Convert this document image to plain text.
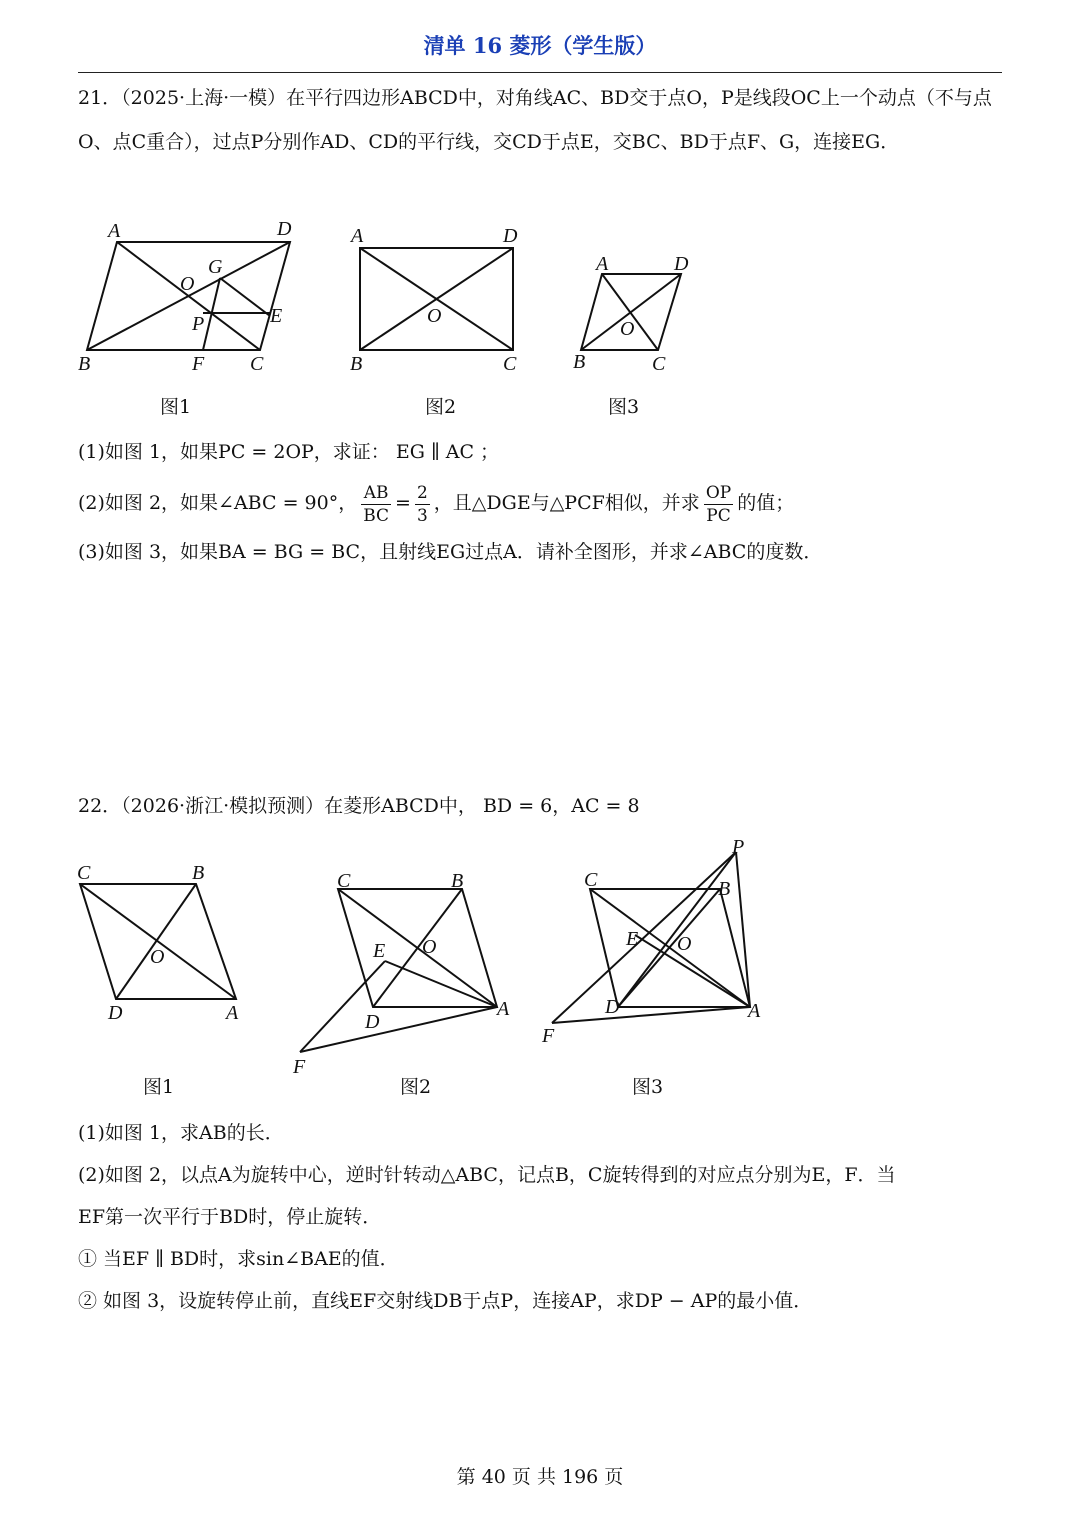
清单 16 菱形（学生版）
21．（2025·上海·一模）在平行四边形ABCD中，对角线AC、BD交于点O，P是线段OC上一个动点（不与点O、点C重合），过点P分别作AD、CD的平行线，交CD于点E，交BC、BD于点F、G，连接EG．
A	D
G
O
E
P
B	F C
A	D
O
B	C
A	D
O
B	C
图1	图2	图3
(1)如图 1，如果PC = 2OP，求证： EG ∥ AC ；
(2)如图 2，如果∠ABC = 90°， $\frac{AB}{BC} = \frac{2}{3}$ ，且△DGE与△PCF相似，并求 $\frac{OP}{PC}$ 的值；
(3)如图 3，如果BA = BG = BC，且射线EG过点A．请补全图形，并求∠ABC的度数．
22．（2026·浙江·模拟预测）在菱形ABCD中， BD = 6，AC = 8
C	B
O
D	A
C	B
E O
D
A
F
P
C	B
E O
D	A
F
图1	图2	图3
(1)如图 1，求AB的长．
(2)如图 2，以点A为旋转中心，逆时针转动△ABC，记点B，C旋转得到的对应点分别为E，F．当
EF第一次平行于BD时，停止旋转．
① 当EF ∥ BD时，求sin∠BAE的值．
② 如图 3，设旋转停止前，直线EF交射线DB于点P，连接AP，求DP − AP的最小值．
第 40 页 共 196 页
